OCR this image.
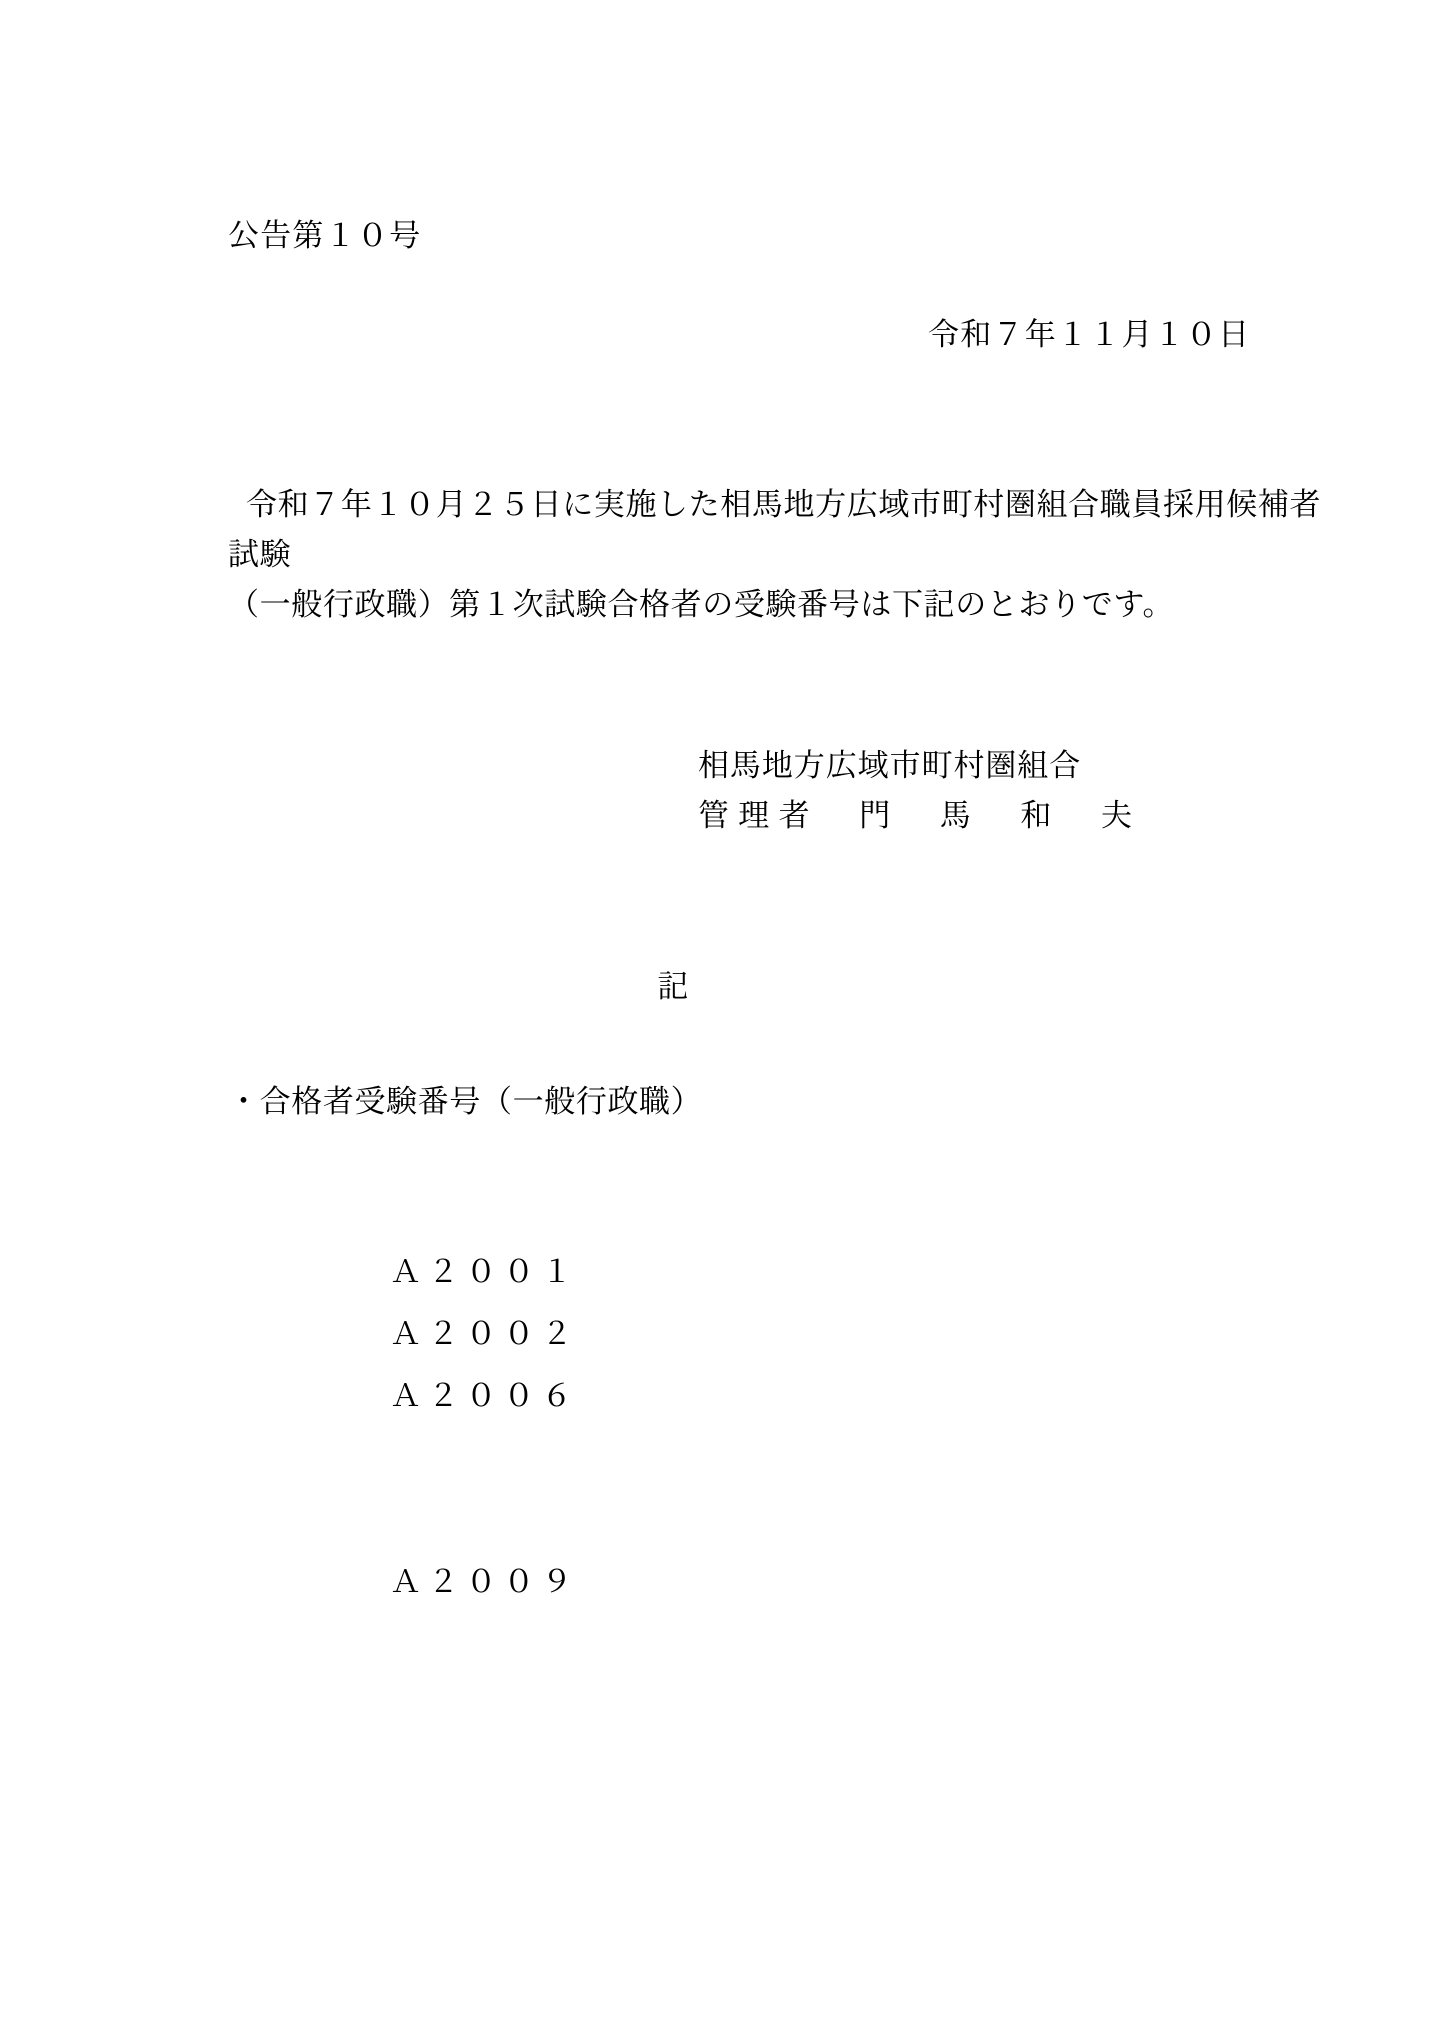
公告第１０号
令和７年１１月１０日
令和７年１０月２５日に実施した相馬地方広域市町村圏組合職員採用候補者試験
（一般行政職）第１次試験合格者の受験番号は下記のとおりです。
相馬地方広域市町村圏組合
管理者　門　馬　和　夫
記
・合格者受験番号（一般行政職）

Ａ２００１
Ａ２００２
Ａ２００６

Ａ２００９
